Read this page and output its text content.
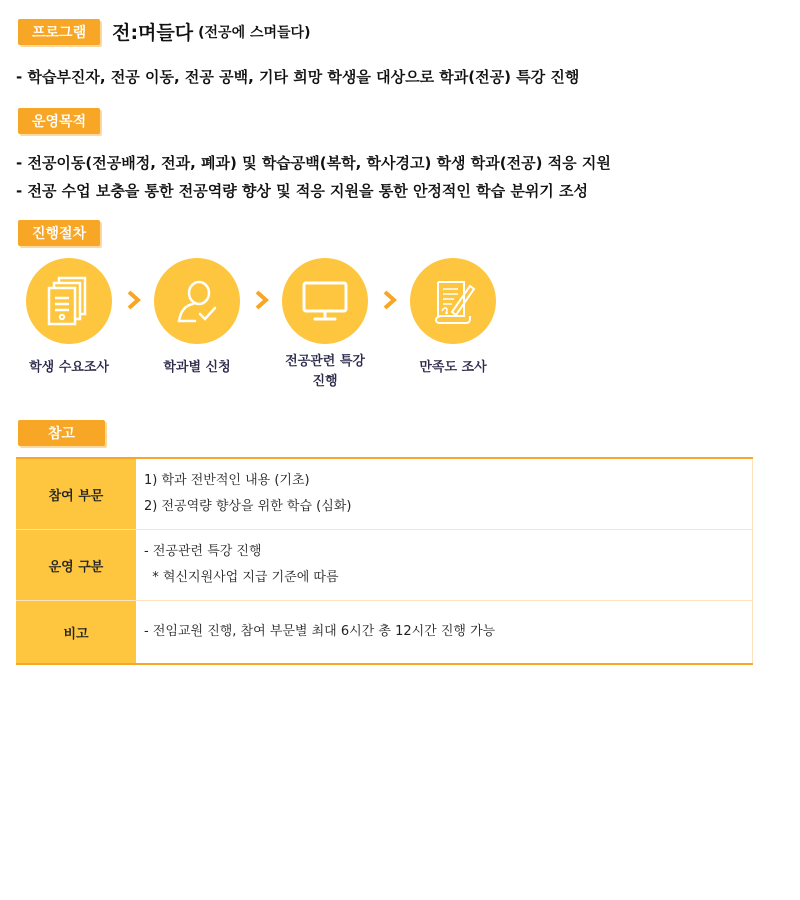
프로그램	전:며들다 (전공에 스며들다)
- 학습부진자, 전공 이동, 전공 공백, 기타 희망 학생을 대상으로 학과(전공) 특강 진행
운영목적
- 전공이동(전공배정, 전과, 폐과) 및 학습공백(복학, 학사경고) 학생 학과(전공) 적응 지원
- 전공 수업 보충을 통한 전공역량 향상 및 적응 지원을 통한 안정적인 학습 분위기 조성
진행절차
학생 수요조사	학과별 신청	전공관련 특강
진행
만족도 조사
참고
참여 부문	1) 학과 전반적인 내용 (기초)
2) 전공역량 향상을 위한 학습 (심화)

운영 구분	- 전공관련 특강 진행
* 혁신지원사업 지급 기준에 따름

비고	- 전임교원 진행, 참여 부문별 최대 6시간 총 12시간 진행 가능
